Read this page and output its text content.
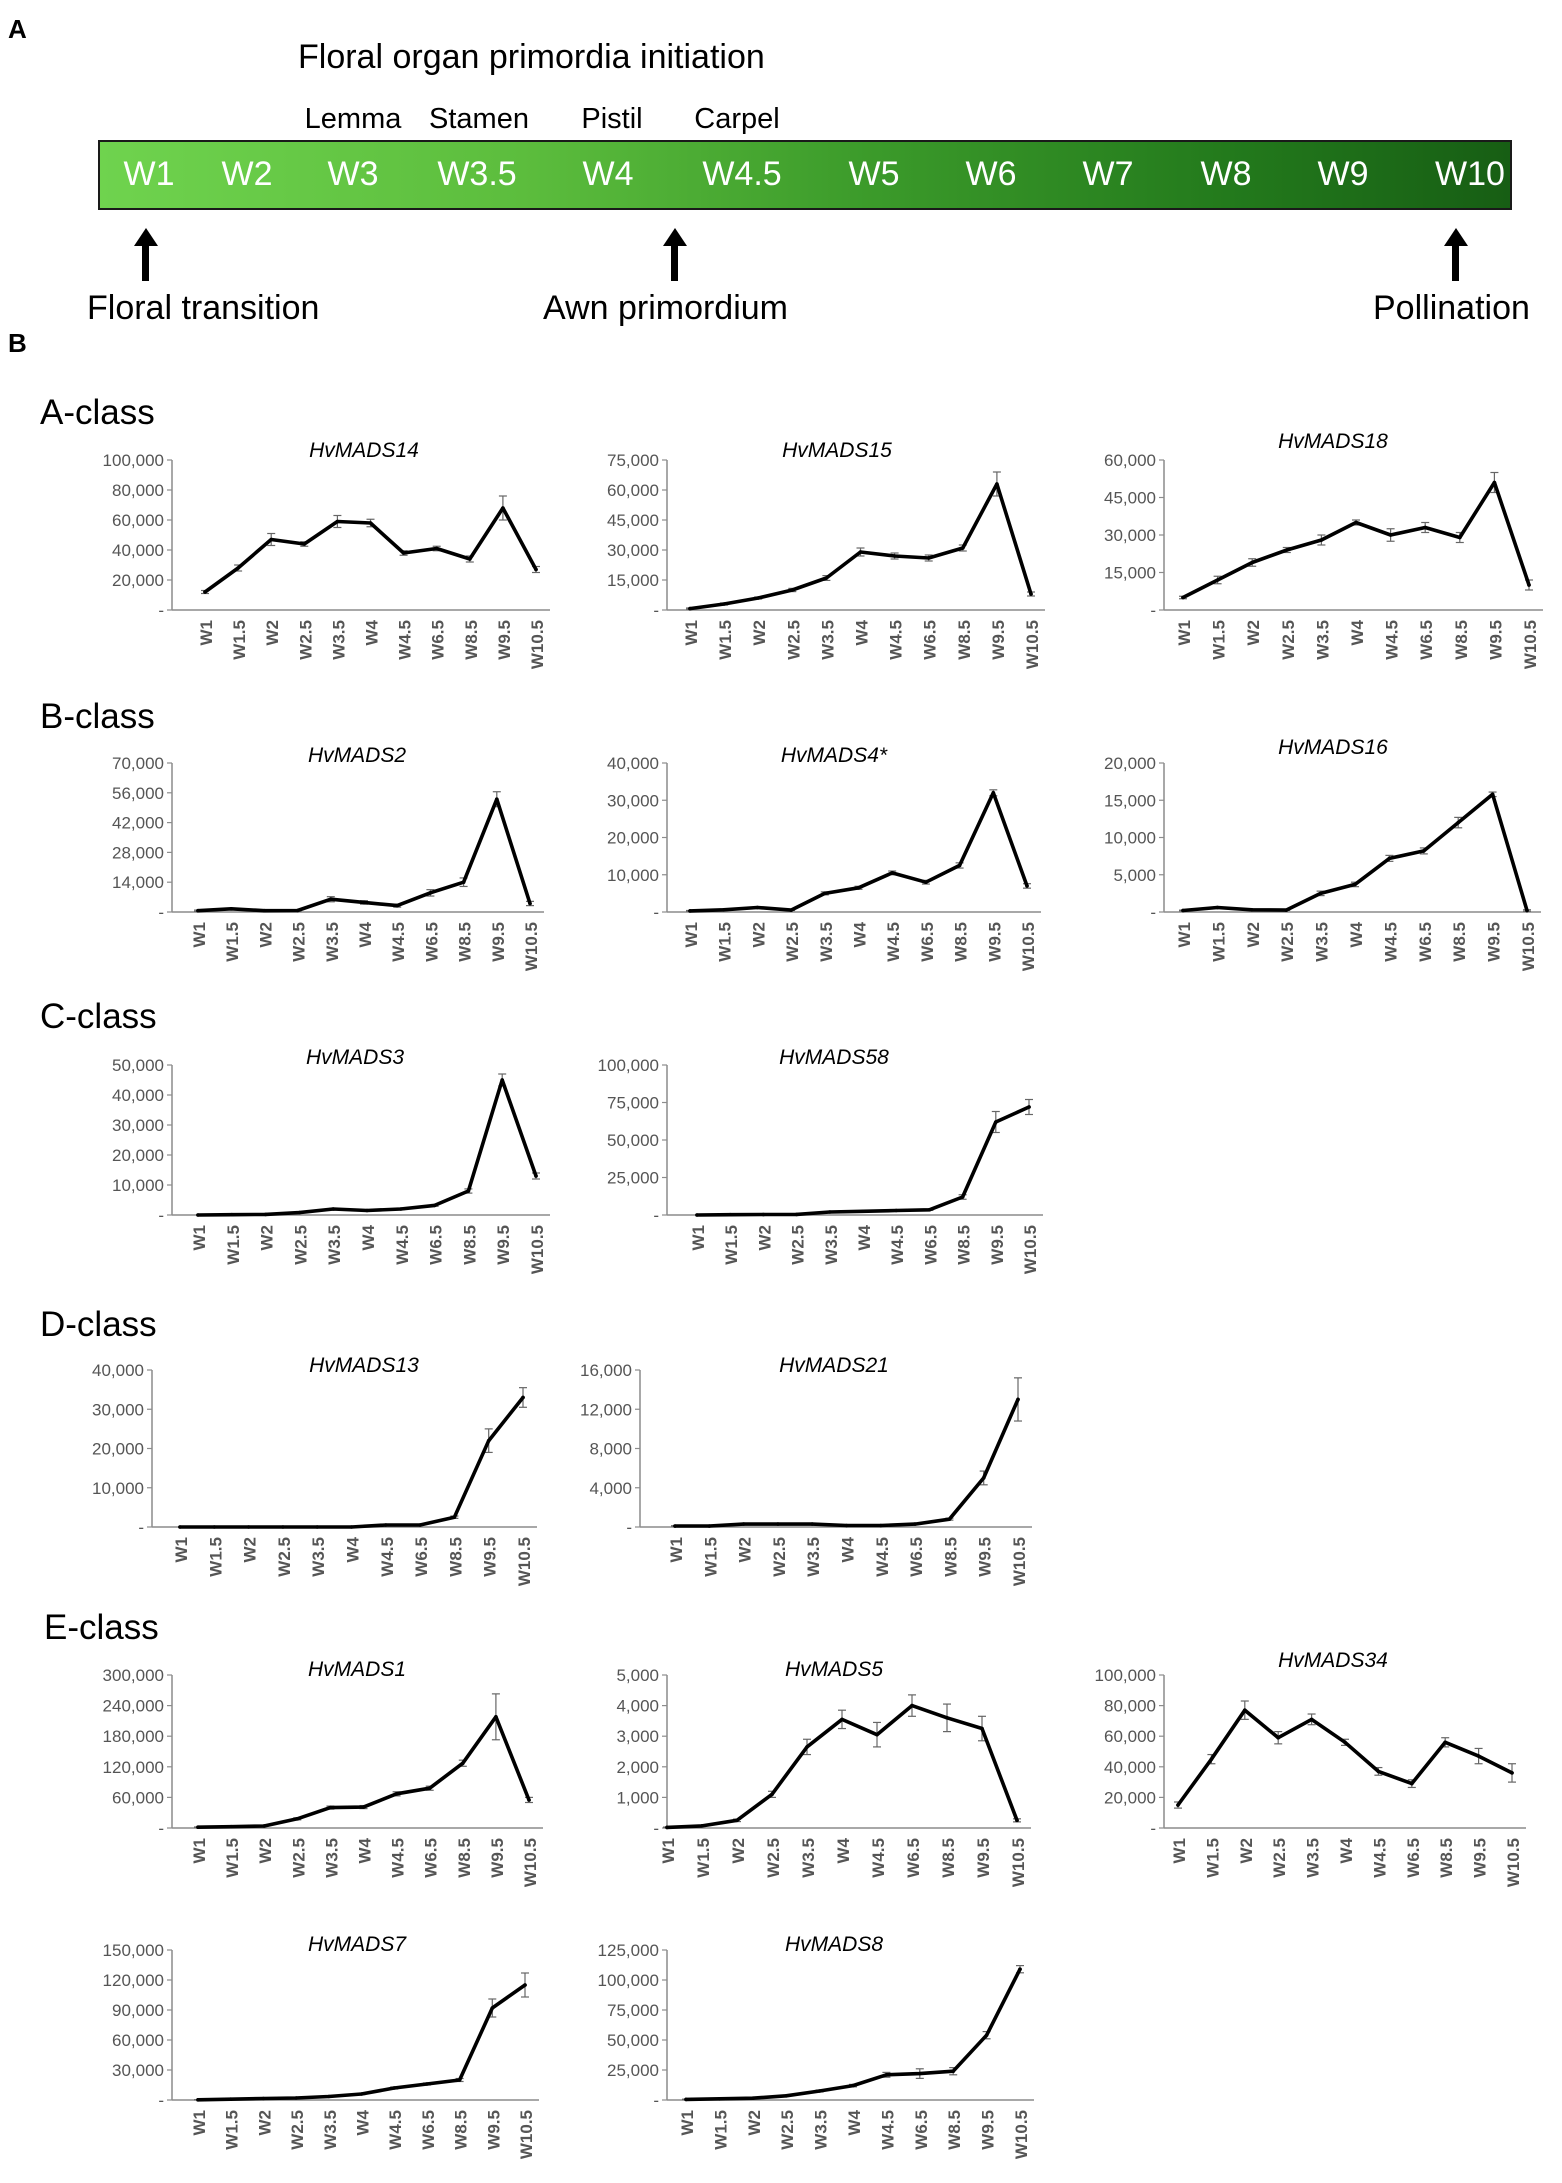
A
Floral organ primordia initiation
Lemma Stamen Pistil Carpel
W1 W2 W3 W3.5 W4 W4.5 W5 W6 W7 W8 W9 W10
Floral transition	Awn primordium	Pollination
B
A-class
B-class
C-class
D-class
E-class
HvMADS14
-
20,000
40,000
60,000
80,000
100,000
W1 W1.5 W2 W2.5 W3.5 W4 W4.5 W6.5 W8.5 W9.5 W10.5
HvMADS15
-
15,000
30,000
45,000
60,000
75,000
W1 W1.5 W2 W2.5 W3.5 W4 W4.5 W6.5 W8.5 W9.5 W10.5
HvMADS18
-
15,000
30,000
45,000
60,000
W1 W1.5 W2 W2.5 W3.5 W4 W4.5 W6.5 W8.5 W9.5 W10.5
HvMADS2
-
14,000
28,000
42,000
56,000
70,000
W1 W1.5 W2 W2.5 W3.5 W4 W4.5 W6.5 W8.5 W9.5 W10.5
HvMADS4*
-
10,000
20,000
30,000
40,000
W1 W1.5 W2 W2.5 W3.5 W4 W4.5 W6.5 W8.5 W9.5 W10.5
HvMADS16
-
5,000
10,000
15,000
20,000
W1 W1.5 W2 W2.5 W3.5 W4 W4.5 W6.5 W8.5 W9.5 W10.5
HvMADS3
-
10,000
20,000
30,000
40,000
50,000
W1 W1.5 W2 W2.5 W3.5 W4 W4.5 W6.5 W8.5 W9.5 W10.5
HvMADS58
-
25,000
50,000
75,000
100,000
W1 W1.5 W2 W2.5 W3.5 W4 W4.5 W6.5 W8.5 W9.5 W10.5
HvMADS13
-
10,000
20,000
30,000
40,000
W1 W1.5 W2 W2.5 W3.5 W4 W4.5 W6.5 W8.5 W9.5 W10.5
HvMADS21
-
4,000
8,000
12,000
16,000
W1 W1.5 W2 W2.5 W3.5 W4 W4.5 W6.5 W8.5 W9.5 W10.5
HvMADS1
-
60,000
120,000
180,000
240,000
300,000
W1 W1.5 W2 W2.5 W3.5 W4 W4.5 W6.5 W8.5 W9.5 W10.5
HvMADS5
-
1,000
2,000
3,000
4,000
5,000
W1 W1.5 W2 W2.5 W3.5 W4 W4.5 W6.5 W8.5 W9.5 W10.5
HvMADS34
-
20,000
40,000
60,000
80,000
100,000
W1 W1.5 W2 W2.5 W3.5 W4 W4.5 W6.5 W8.5 W9.5 W10.5
HvMADS7
-
30,000
60,000
90,000
120,000
150,000
W1 W1.5 W2 W2.5 W3.5 W4 W4.5 W6.5 W8.5 W9.5 W10.5
HvMADS8
-
25,000
50,000
75,000
100,000
125,000
W1 W1.5 W2 W2.5 W3.5 W4 W4.5 W6.5 W8.5 W9.5 W10.5
